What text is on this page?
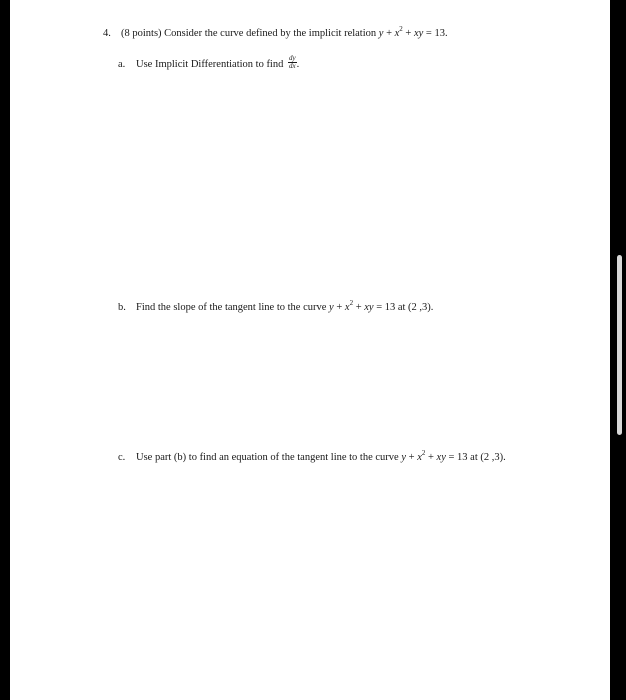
4. (8 points) Consider the curve defined by the implicit relation $y + x^2$ + xy = 13.
a. Use Implicit Differentiation to find $\frac{dy}{dx}$ .
b. Find the slope of the tangent line to the curve $y + x^2$ + xy = 13 at (2 ,3).
c. Use part (b) to find an equation of the tangent line to the curve $y + x^2$ + xy = 13 at (2 ,3).
